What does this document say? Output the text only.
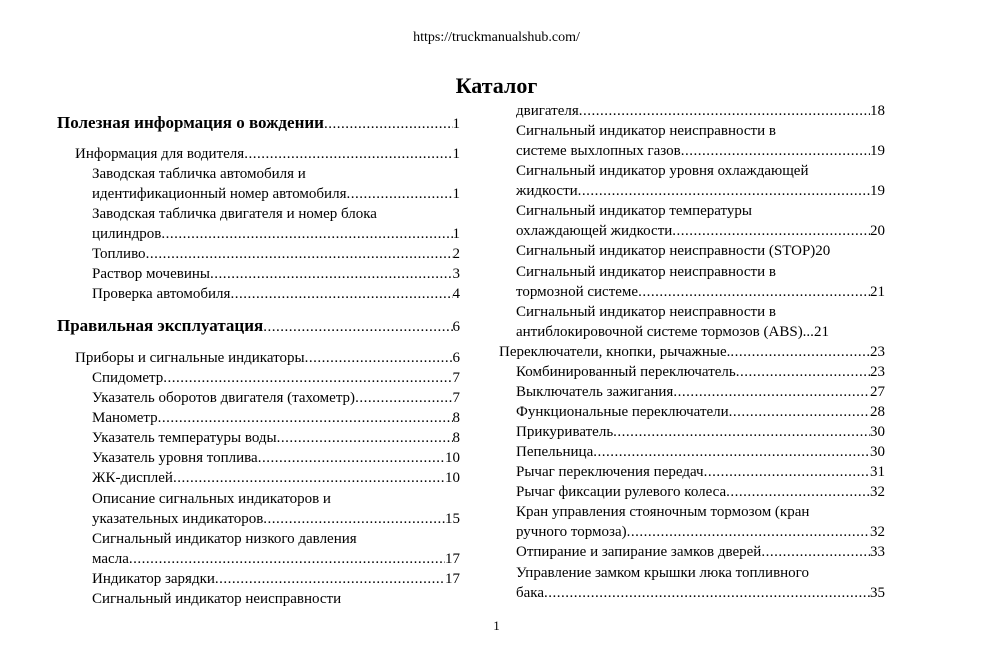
https://truckmanualshub.com/
Каталог
Полезная информация о вождении .....	1
Информация для водителя .....	1
Заводская табличка автомобиля и
идентификационный номер автомобиля .....	1
Заводская табличка двигателя и номер блока
цилиндров .....	1
Топливо .....	2
Раствор мочевины .....	3
Проверка автомобиля .....	4
Правильная эксплуатация .....	6
Приборы и сигнальные индикаторы .....	6
Спидометр .....	7
Указатель оборотов двигателя (тахометр) .....	7
Манометр .....	8
Указатель температуры воды .....	8
Указатель уровня топлива .....	10
ЖК-дисплей .....	10
Описание сигнальных индикаторов и
указательных индикаторов .....	15
Сигнальный индикатор низкого давления
масла .....	17
Индикатор зарядки .....	17
Сигнальный индикатор неисправности
двигателя .....	18
Сигнальный индикатор неисправности в
системе выхлопных газов .....	19
Сигнальный индикатор уровня охлаждающей
жидкости .....	19
Сигнальный индикатор температуры
охлаждающей жидкости .....	20
Сигнальный индикатор неисправности (STOP) 20
Сигнальный индикатор неисправности в
тормозной системе .....	21
Сигнальный индикатор неисправности в
антиблокировочной системе тормозов (ABS)... 21
Переключатели, кнопки, рычажные. .....	23
Комбинированный переключатель .....	23
Выключатель зажигания .....	27
Функциональные переключатели .....	28
Прикуриватель .....	30
Пепельница .....	30
Рычаг переключения передач .....	31
Рычаг фиксации рулевого колеса .....	32
Кран управления стояночным тормозом (кран
ручного тормоза) .....	32
Отпирание и запирание замков дверей .....	33
Управление замком крышки люка топливного
бака .....	35
1
